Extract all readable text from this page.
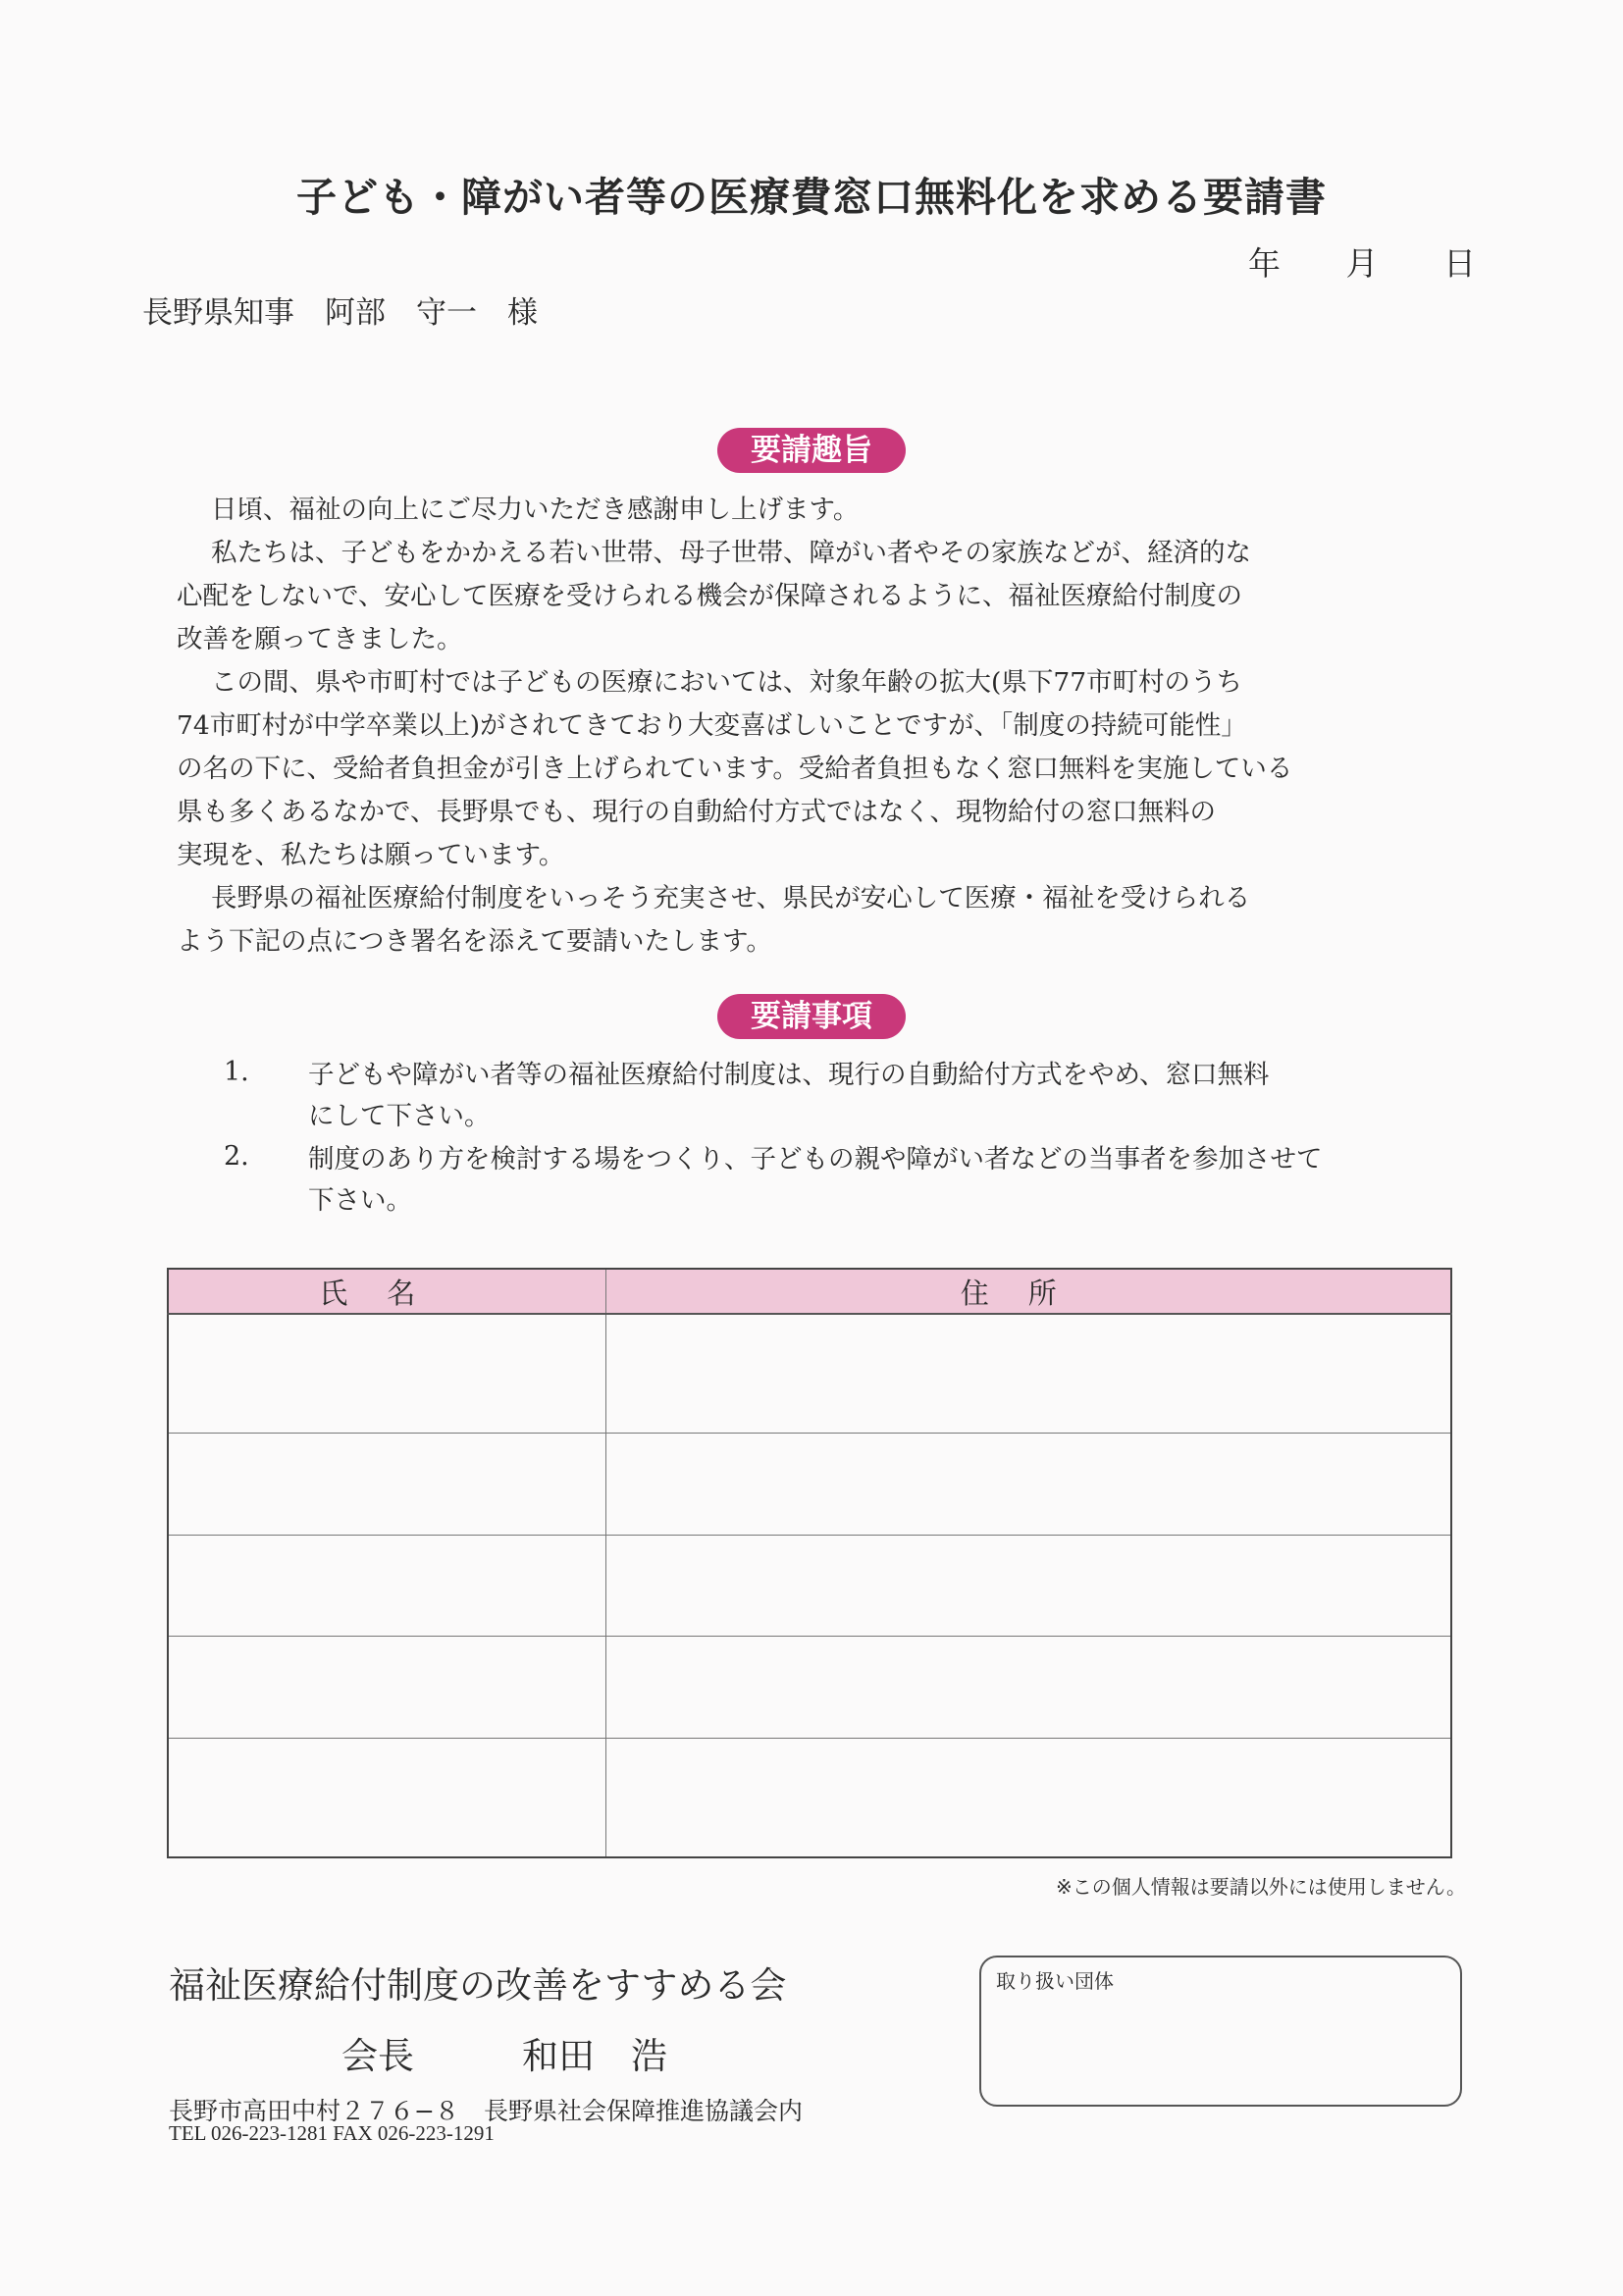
子ども・障がい者等の医療費窓口無料化を求める要請書
年 月 日
長野県知事　阿部　守一　様
要請趣旨
日頃、福祉の向上にご尽力いただき感謝申し上げます。
私たちは、子どもをかかえる若い世帯、母子世帯、障がい者やその家族などが、経済的な
心配をしないで、安心して医療を受けられる機会が保障されるように、福祉医療給付制度の
改善を願ってきました。
この間、県や市町村では子どもの医療においては、対象年齢の拡大(県下77市町村のうち
74市町村が中学卒業以上)がされてきており大変喜ばしいことですが、「制度の持続可能性」
の名の下に、受給者負担金が引き上げられています。受給者負担もなく窓口無料を実施している
県も多くあるなかで、長野県でも、現行の自動給付方式ではなく、現物給付の窓口無料の
実現を、私たちは願っています。
長野県の福祉医療給付制度をいっそう充実させ、県民が安心して医療・福祉を受けられる
よう下記の点につき署名を添えて要請いたします。
要請事項
1. 子どもや障がい者等の福祉医療給付制度は、現行の自動給付方式をやめ、窓口無料
にして下さい。
2. 制度のあり方を検討する場をつくり、子どもの親や障がい者などの当事者を参加させて
下さい。
氏名	住所

※この個人情報は要請以外には使用しません。
福祉医療給付制度の改善をすすめる会
会長	和田　浩
長野市高田中村２７６−８　長野県社会保障推進協議会内
TEL 026-223-1281 FAX 026-223-1291
取り扱い団体
